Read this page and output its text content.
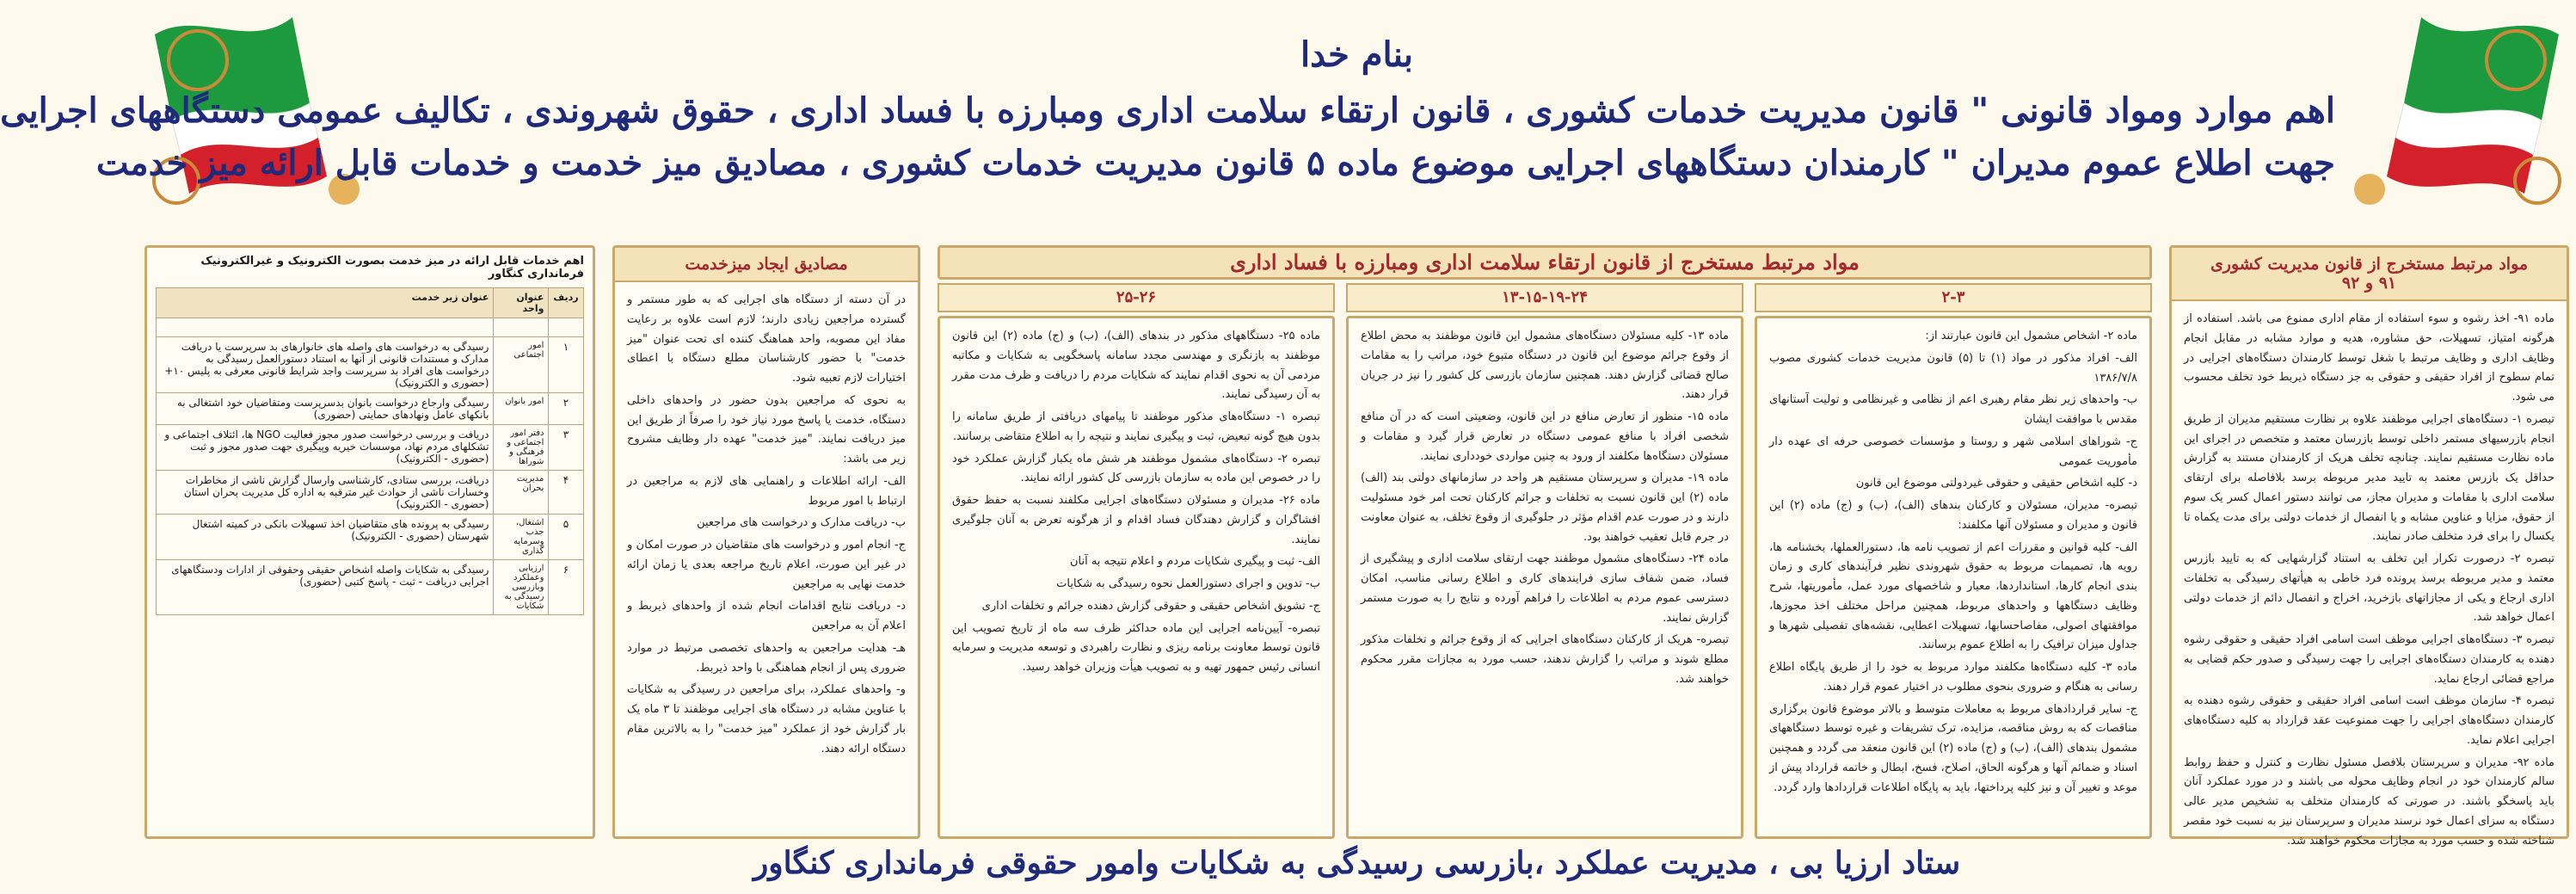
بنام خدا
اهم موارد ومواد قانونی " قانون مدیریت خدمات کشوری ، قانون ارتقاء سلامت اداری ومبارزه با فساد اداری ، حقوق شهروندی ، تکالیف عمومی دستگاههای اجرایی
جهت اطلاع عموم مدیران " کارمندان دستگاههای اجرایی موضوع ماده ۵ قانون مدیریت خدمات کشوری ، مصادیق میز خدمت و خدمات قابل ارائه میز خدمت
مواد مرتبط مستخرج از قانون مدیریت کشوری
۹۱ و ۹۲

ماده ۹۱- اخذ رشوه و سوء استفاده از مقام اداری ممنوع می باشد. استفاده از هرگونه امتیاز، تسهیلات، حق مشاوره، هدیه و موارد مشابه در مقابل انجام وظایف اداری و وظایف مرتبط با شغل توسط کارمندان دستگاه‌های اجرایی در تمام سطوح از افراد حقیقی و حقوقی به جز دستگاه ذیربط خود تخلف محسوب می شود.

تبصره ۱- دستگاه‌های اجرایی موظفند علاوه بر نظارت مستقیم مدیران از طریق انجام بازرسیهای مستمر داخلی توسط بازرسان معتمد و متخصص در اجرای این ماده نظارت مستقیم نمایند. چنانچه تخلف هریک از کارمندان مستند به گزارش حداقل یک بازرس معتمد به تایید مدیر مربوطه برسد بلافاصله برای ارتقای سلامت اداری با مقامات و مدیران مجاز، می توانند دستور اعمال کسر یک سوم از حقوق، مزایا و عناوین مشابه و یا انفصال از خدمات دولتی برای مدت یکماه تا یکسال را برای فرد متخلف صادر نمایند.

تبصره ۲- درصورت تکرار این تخلف به استناد گزارشهایی که به تایید بازرس معتمد و مدیر مربوطه برسد پرونده فرد خاطی به هیأتهای رسیدگی به تخلفات اداری ارجاع و یکی از مجازاتهای بازخرید، اخراج و انفصال دائم از خدمات دولتی اعمال خواهد شد.

تبصره ۳- دستگاه‌های اجرایی موظف است اسامی افراد حقیقی و حقوقی رشوه دهنده به کارمندان دستگاه‌های اجرایی را جهت رسیدگی و صدور حکم قضایی به مراجع قضائی ارجاع نماید.

تبصره ۴- سازمان موظف است اسامی افراد حقیقی و حقوقی رشوه دهنده به کارمندان دستگاه‌های اجرایی را جهت ممنوعیت عقد قرارداد به کلیه دستگاه‌های اجرایی اعلام نماید.

ماده ۹۲- مدیران و سرپرستان بلافصل مسئول نظارت و کنترل و حفظ روابط سالم کارمندان خود در انجام وظایف محوله می باشند و در مورد عملکرد آنان باید پاسخگو باشند. در صورتی که کارمندان متخلف به تشخیص مدیر عالی دستگاه به سزای اعمال خود نرسند مدیران و سرپرستان نیز به نسبت خود مقصر شناخته شده و حسب مورد به مجازات محکوم خواهند شد.

مواد مرتبط مستخرج از قانون ارتقاء سلامت اداری ومبارزه با فساد اداری
۲-۳
۱۳-۱۵-۱۹-۲۴
۲۵-۲۶

ماده ۲- اشخاص مشمول این قانون عبارتند از:

الف- افراد مذکور در مواد (۱) تا (۵) قانون مدیریت خدمات کشوری مصوب ۱۳۸۶/۷/۸

ب- واحدهای زیر نظر مقام رهبری اعم از نظامی و غیرنظامی و تولیت آستانهای مقدس با موافقت ایشان

ج- شوراهای اسلامی شهر و روستا و مؤسسات خصوصی حرفه ای عهده دار مأموریت عمومی

د- کلیه اشخاص حقیقی و حقوقی غیردولتی موضوع این قانون

تبصره- مدیران، مسئولان و کارکنان بندهای (الف)، (ب) و (ج) ماده (۲) این قانون و مدیران و مسئولان آنها مکلفند:

الف- کلیه قوانین و مقررات اعم از تصویب نامه ها، دستورالعملها، بخشنامه ها، رویه ها، تصمیمات مربوط به حقوق شهروندی نظیر فرآیندهای کاری و زمان بندی انجام کارها، استانداردها، معیار و شاخصهای مورد عمل، مأموریتها، شرح وظایف دستگاهها و واحدهای مربوط، همچنین مراحل مختلف اخذ مجوزها، موافقتهای اصولی، مفاصاحسابها، تسهیلات اعطایی، نقشه‌های تفصیلی شهرها و جداول میزان ترافیک را به اطلاع عموم برسانند.

ماده ۳- کلیه دستگاه‌ها مکلفند موارد مربوط به خود را از طریق پایگاه اطلاع رسانی به هنگام و ضروری بنحوی مطلوب در اختیار عموم قرار دهند.

ج- سایر قراردادهای مربوط به معاملات متوسط و بالاتر موضوع قانون برگزاری مناقصات که به روش مناقصه، مزایده، ترک تشریفات و غیره توسط دستگاههای مشمول بندهای (الف)، (ب) و (ج) ماده (۲) این قانون منعقد می گردد و همچنین اسناد و ضمائم آنها و هرگونه الحاق، اصلاح، فسخ، ابطال و خاتمه قرارداد پیش از موعد و تغییر آن و نیز کلیه پرداختها، باید به پایگاه اطلاعات قراردادها وارد گردد.

ماده ۱۳- کلیه مسئولان دستگاه‌های مشمول این قانون موظفند به محض اطلاع از وقوع جرائم موضوع این قانون در دستگاه متبوع خود، مراتب را به مقامات صالح قضائی گزارش دهند. همچنین سازمان بازرسی کل کشور را نیز در جریان قرار دهند.

ماده ۱۵- منظور از تعارض منافع در این قانون، وضعیتی است که در آن منافع شخصی افراد با منافع عمومی دستگاه در تعارض قرار گیرد و مقامات و مسئولان دستگاه‌ها مکلفند از ورود به چنین مواردی خودداری نمایند.

ماده ۱۹- مدیران و سرپرستان مستقیم هر واحد در سازمانهای دولتی بند (الف) ماده (۲) این قانون نسبت به تخلفات و جرائم کارکنان تحت امر خود مسئولیت دارند و در صورت عدم اقدام مؤثر در جلوگیری از وقوع تخلف، به عنوان معاونت در جرم قابل تعقیب خواهند بود.

ماده ۲۴- دستگاه‌های مشمول موظفند جهت ارتقای سلامت اداری و پیشگیری از فساد، ضمن شفاف سازی فرایندهای کاری و اطلاع رسانی مناسب، امکان دسترسی عموم مردم به اطلاعات را فراهم آورده و نتایج را به صورت مستمر گزارش نمایند.

تبصره- هریک از کارکنان دستگاه‌های اجرایی که از وقوع جرائم و تخلفات مذکور مطلع شوند و مراتب را گزارش ندهند، حسب مورد به مجازات مقرر محکوم خواهند شد.

ماده ۲۵- دستگاههای مذکور در بندهای (الف)، (ب) و (ج) ماده (۲) این قانون موظفند به بازنگری و مهندسی مجدد سامانه پاسخگویی به شکایات و مکاتبه مردمی آن به نحوی اقدام نمایند که شکایات مردم را دریافت و ظرف مدت مقرر به آن رسیدگی نمایند.

تبصره ۱- دستگاه‌های مذکور موظفند تا پیامهای دریافتی از طریق سامانه را بدون هیچ گونه تبعیض، ثبت و پیگیری نمایند و نتیجه را به اطلاع متقاضی برسانند.

تبصره ۲- دستگاه‌های مشمول موظفند هر شش ماه یکبار گزارش عملکرد خود را در خصوص این ماده به سازمان بازرسی کل کشور ارائه نمایند.

ماده ۲۶- مدیران و مسئولان دستگاه‌های اجرایی مکلفند نسبت به حفظ حقوق افشاگران و گزارش دهندگان فساد اقدام و از هرگونه تعرض به آنان جلوگیری نمایند.

الف- ثبت و پیگیری شکایات مردم و اعلام نتیجه به آنان

ب- تدوین و اجرای دستورالعمل نحوه رسیدگی به شکایات

ج- تشویق اشخاص حقیقی و حقوقی گزارش دهنده جرائم و تخلفات اداری

تبصره- آیین‌نامه اجرایی این ماده حداکثر ظرف سه ماه از تاریخ تصویب این قانون توسط معاونت برنامه ریزی و نظارت راهبردی و توسعه مدیریت و سرمایه انسانی رئیس جمهور تهیه و به تصویب هیأت وزیران خواهد رسید.

مصادیق ایجاد میزخدمت

در آن دسته از دستگاه های اجرایی که به طور مستمر و گسترده مراجعین زیادی دارند؛ لازم است علاوه بر رعایت مفاد این مصوبه، واحد هماهنگ کننده ای تحت عنوان "میز خدمت" با حضور کارشناسان مطلع دستگاه با اعطای اختیارات لازم تعبیه شود.

به نحوی که مراجعین بدون حضور در واحدهای داخلی دستگاه، خدمت یا پاسخ مورد نیاز خود را صرفاً از طریق این میز دریافت نمایند. "میز خدمت" عهده دار وظایف مشروح زیر می باشد:

الف- ارائه اطلاعات و راهنمایی های لازم به مراجعین در ارتباط با امور مربوط

ب- دریافت مدارک و درخواست های مراجعین

ج- انجام امور و درخواست های متقاضیان در صورت امکان و در غیر این صورت، اعلام تاریخ مراجعه بعدی یا زمان ارائه خدمت نهایی به مراجعین

د- دریافت نتایج اقدامات انجام شده از واحدهای ذیربط و اعلام آن به مراجعین

هـ- هدایت مراجعین به واحدهای تخصصی مرتبط در موارد ضروری پس از انجام هماهنگی با واحد ذیربط.

و- واحدهای عملکرد، برای مراجعین در رسیدگی به شکایات با عناوین مشابه در دستگاه های اجرایی موظفند تا ۳ ماه یک بار گزارش خود از عملکرد "میز خدمت" را به بالاترین مقام دستگاه ارائه دهند.

اهم خدمات قابل ارائه در میز خدمت بصورت الکترونیک و غیرالکترونیک فرمانداری کنگاور
ردیف	عنوان واحد	عنوان زیر خدمت

۱	امور اجتماعی	رسیدگی به درخواست های واصله های خانوارهای بد سرپرست یا دریافت مدارک و مستندات قانونی از آنها به استناد دستورالعمل رسیدگی به درخواست های افراد بد سرپرست واجد شرایط قانونی معرفی به پلیس ۱۰+ (حضوری و الکترونیک)
۲	امور بانوان	رسیدگی وارجاع درخواست بانوان بدسرپرست ومتقاضیان خود اشتغالی به بانکهای عامل ونهادهای حمایتی (حضوری)
۳	دفتر امور اجتماعی و فرهنگی و شوراها	دریافت و بررسی درخواست صدور مجوز فعالیت NGO ها، ائتلاف اجتماعی و تشکلهای مردم نهاد، موسسات خیریه وپیگیری جهت صدور مجوز و ثبت (حضوری - الکترونیک)
۴	مدیریت بحران	دریافت، بررسی ستادی، کارشناسی وارسال گزارش ناشی از مخاطرات وخسارات ناشی از حوادث غیر مترقبه به اداره کل مدیریت بحران استان (حضوری - الکترونیک)
۵	اشتغال، جذب وسرمایه گذاری	رسیدگی به پرونده های متقاضیان اخذ تسهیلات بانکی در کمیته اشتغال شهرستان (حضوری - الکترونیک)
۶	ارزیابی وعملکرد وبازرسی رسیدگی به شکایات	رسیدگی به شکایات واصله اشخاص حقیقی وحقوقی از ادارات ودستگاههای اجرایی دریافت - ثبت - پاسخ کتبی (حضوری)
ستاد ارزیا بی ، مدیریت عملکرد ،بازرسی رسیدگی به شکایات وامور حقوقی فرمانداری کنگاور
